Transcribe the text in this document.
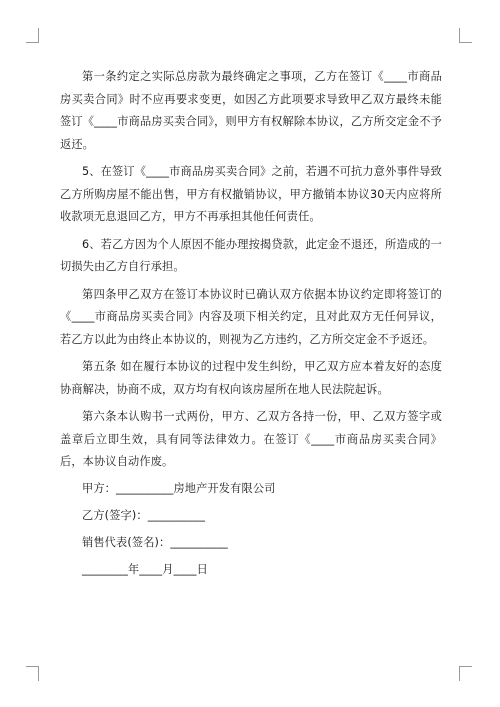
第一条约定之实际总房款为最终确定之事项，乙方在签订《____市商品房买卖合同》时不应再要求变更，如因乙方此项要求导致甲乙双方最终未能签订《____市商品房买卖合同》，则甲方有权解除本协议，乙方所交定金不予返还。

5、在签订《____市商品房买卖合同》之前，若遇不可抗力意外事件导致乙方所购房屋不能出售，甲方有权撤销协议，甲方撤销本协议30天内应将所收款项无息退回乙方，甲方不再承担其他任何责任。

6、若乙方因为个人原因不能办理按揭贷款，此定金不退还，所造成的一切损失由乙方自行承担。

第四条甲乙双方在签订本协议时已确认双方依据本协议约定即将签订的《____市商品房买卖合同》内容及项下相关约定，且对此双方无任何异议，若乙方以此为由终止本协议的，则视为乙方违约，乙方所交定金不予返还。

第五条 如在履行本协议的过程中发生纠纷，甲乙双方应本着友好的态度协商解决，协商不成，双方均有权向该房屋所在地人民法院起诉。

第六条本认购书一式两份，甲方、乙双方各持一份，甲、乙双方签字或盖章后立即生效，具有同等法律效力。在签订《____市商品房买卖合同》后，本协议自动作废。

甲方：__________房地产开发有限公司

乙方(签字)：__________

销售代表(签名)：__________

________年____月____日
